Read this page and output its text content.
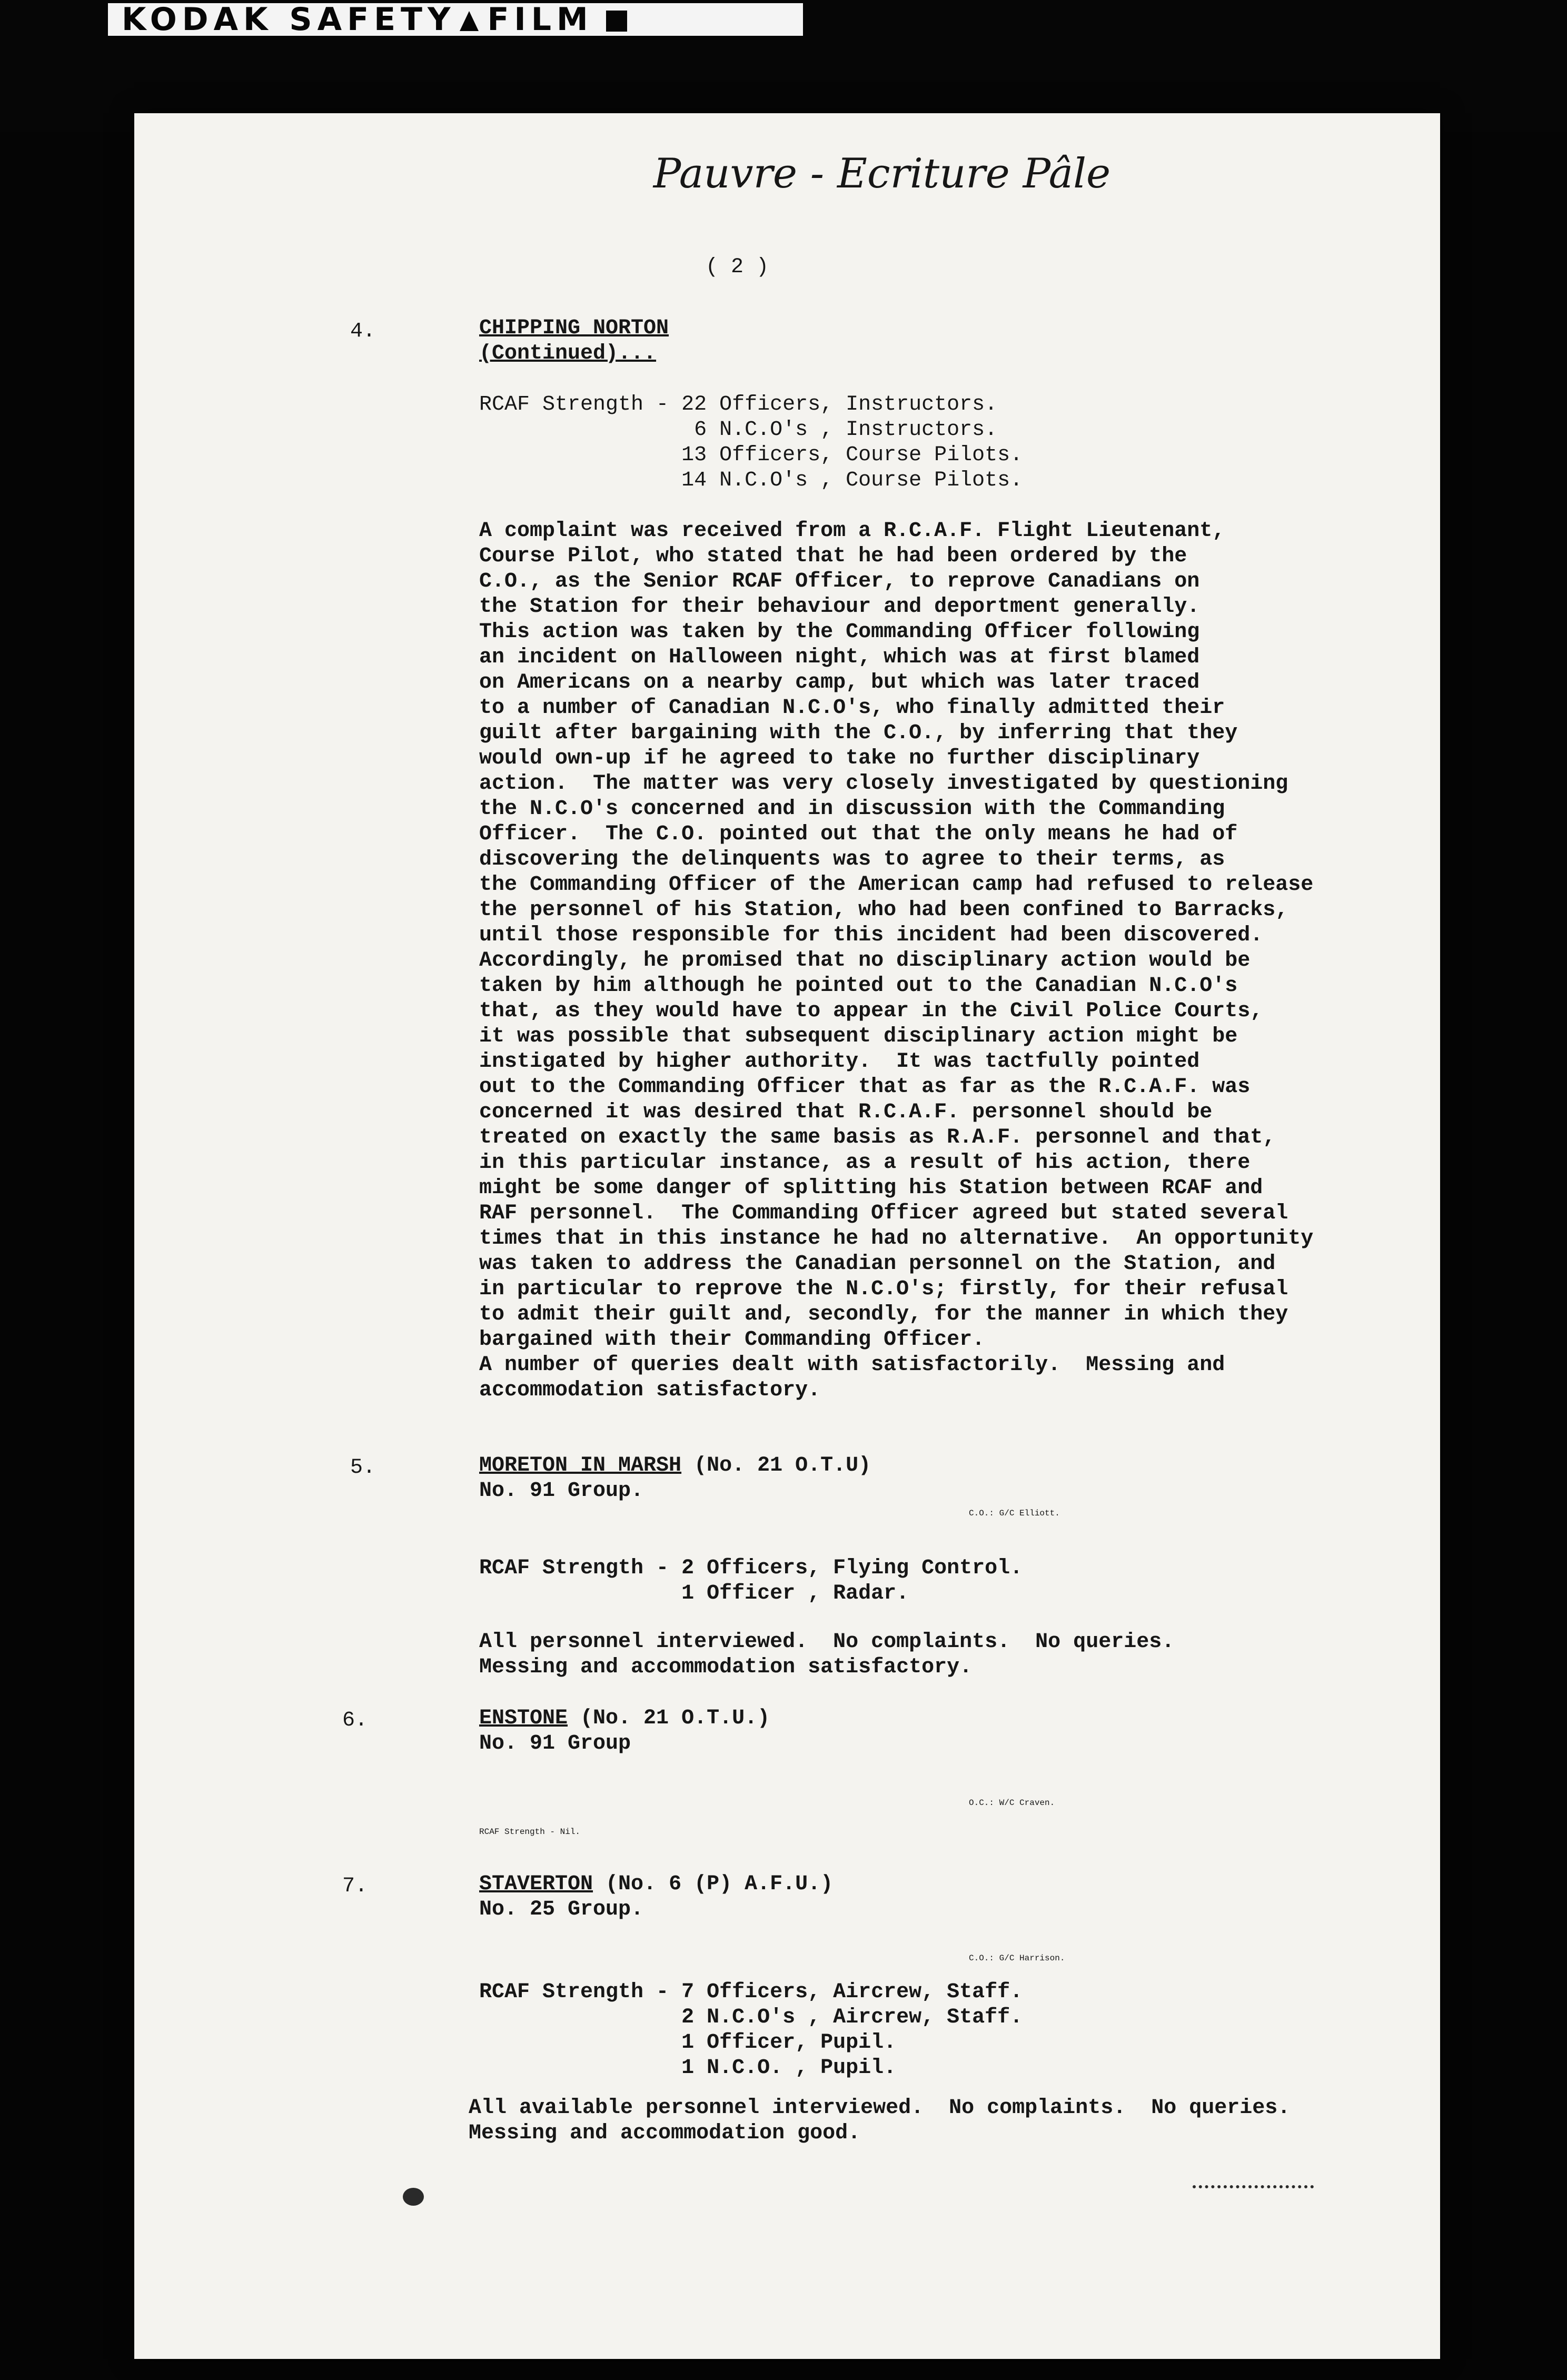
KODAK SAFETY FILM
Pauvre - Ecriture Pâle
( 2 )
4.	CHIPPING NORTON
(Continued)...
RCAF Strength - 22 Officers, Instructors.
6 N.C.O's , Instructors.
13 Officers, Course Pilots.
14 N.C.O's , Course Pilots.
A complaint was received from a R.C.A.F. Flight Lieutenant,
Course Pilot, who stated that he had been ordered by the
C.O., as the Senior RCAF Officer, to reprove Canadians on
the Station for their behaviour and deportment generally.
This action was taken by the Commanding Officer following
an incident on Halloween night, which was at first blamed
on Americans on a nearby camp, but which was later traced
to a number of Canadian N.C.O's, who finally admitted their
guilt after bargaining with the C.O., by inferring that they
would own-up if he agreed to take no further disciplinary
action.  The matter was very closely investigated by questioning
the N.C.O's concerned and in discussion with the Commanding
Officer.  The C.O. pointed out that the only means he had of
discovering the delinquents was to agree to their terms, as
the Commanding Officer of the American camp had refused to release
the personnel of his Station, who had been confined to Barracks,
until those responsible for this incident had been discovered.
Accordingly, he promised that no disciplinary action would be
taken by him although he pointed out to the Canadian N.C.O's
that, as they would have to appear in the Civil Police Courts,
it was possible that subsequent disciplinary action might be
instigated by higher authority.  It was tactfully pointed
out to the Commanding Officer that as far as the R.C.A.F. was
concerned it was desired that R.C.A.F. personnel should be
treated on exactly the same basis as R.A.F. personnel and that,
in this particular instance, as a result of his action, there
might be some danger of splitting his Station between RCAF and
RAF personnel.  The Commanding Officer agreed but stated several
times that in this instance he had no alternative.  An opportunity
was taken to address the Canadian personnel on the Station, and
in particular to reprove the N.C.O's; firstly, for their refusal
to admit their guilt and, secondly, for the manner in which they
bargained with their Commanding Officer.
A number of queries dealt with satisfactorily.  Messing and
accommodation satisfactory.
5.	MORETON IN MARSH (No. 21 O.T.U)
No. 91 Group.
C.O.: G/C Elliott.
RCAF Strength - 2 Officers, Flying Control.
1 Officer , Radar.
All personnel interviewed.  No complaints.  No queries.
Messing and accommodation satisfactory.
6.	ENSTONE (No. 21 O.T.U.)
No. 91 Group
O.C.: W/C Craven.
RCAF Strength - Nil.
7.	STAVERTON (No. 6 (P) A.F.U.)
No. 25 Group.
C.O.: G/C Harrison.
RCAF Strength - 7 Officers, Aircrew, Staff.
2 N.C.O's , Aircrew, Staff.
1 Officer, Pupil.
1 N.C.O. , Pupil.
All available personnel interviewed.  No complaints.  No queries.
Messing and accommodation good.
